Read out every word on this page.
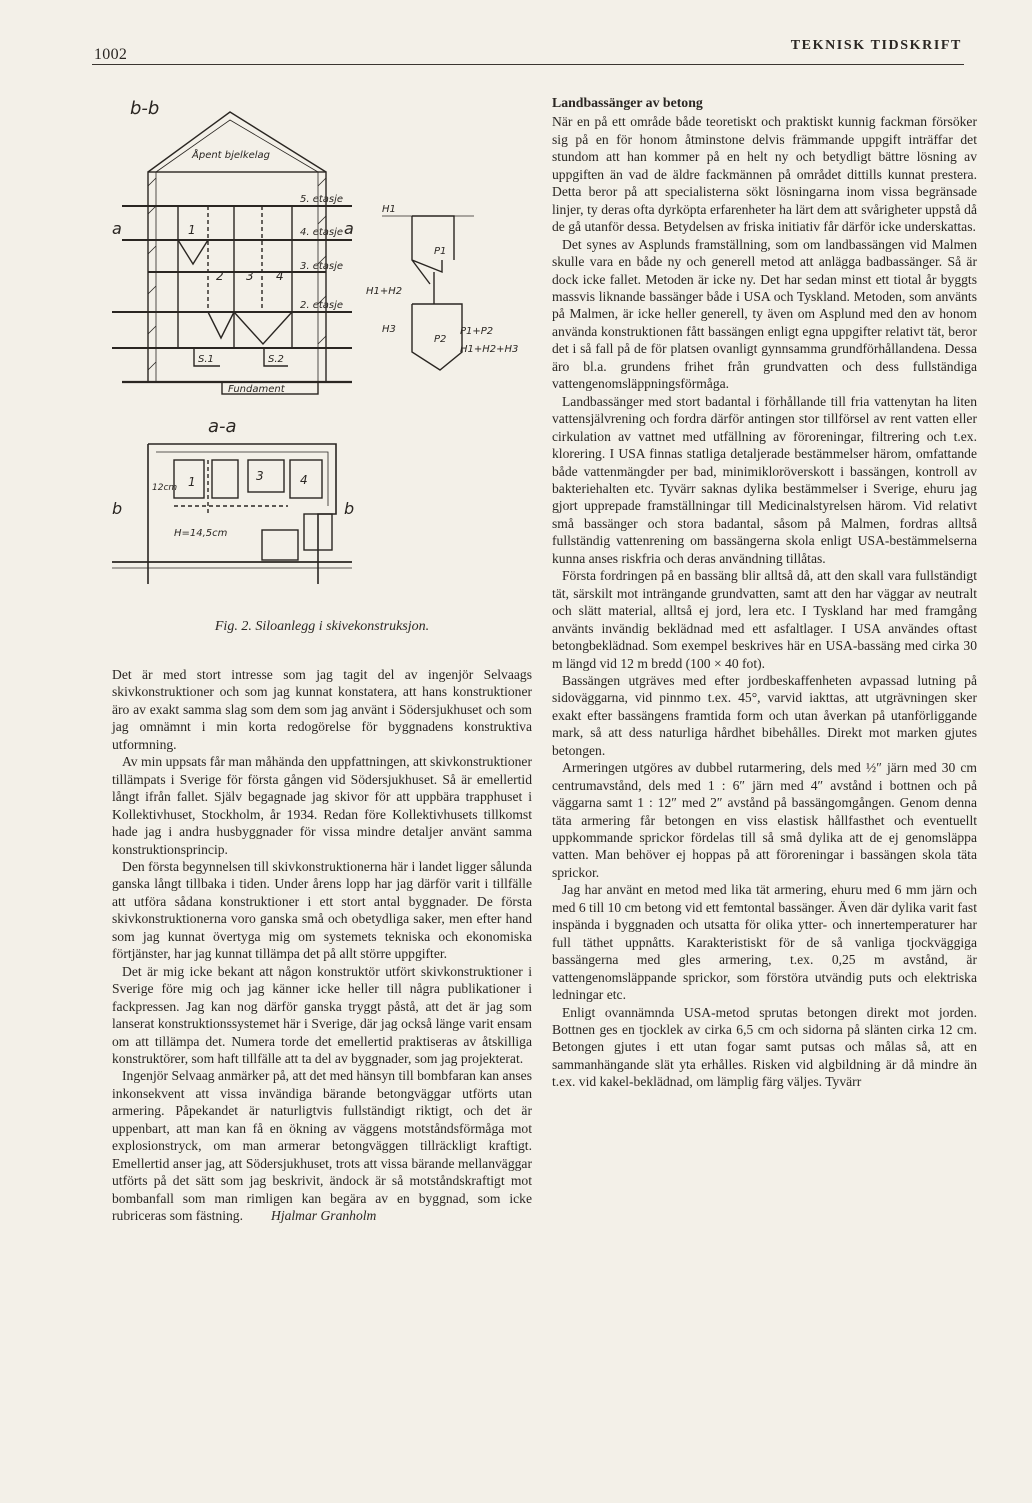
1002
TEKNISK TIDSKRIFT
b-b
Åpent bjelkelag
5. etasje
4. etasje
3. etasje
2. etasje
Fundament
a	a
1
2 3 4
S.1	S.2
H1
P1
H1+H2
H3
P2
P1+P2
H1+H2+H3
a-a
b	b
1	3	4
12cm
H=14,5cm
Fig. 2. Siloanlegg i skivekonstruksjon.

Det är med stort intresse som jag tagit del av ingenjör Selvaags skivkonstruktioner och som jag kunnat konstatera, att hans konstruktioner äro av exakt samma slag som dem som jag använt i Södersjukhuset och som jag omnämnt i min korta redogörelse för byggnadens konstruktiva utformning.

Av min uppsats får man måhända den uppfattningen, att skivkonstruktioner tillämpats i Sverige för första gången vid Södersjukhuset. Så är emellertid långt ifrån fallet. Själv begagnade jag skivor för att uppbära trapphuset i Kollektivhuset, Stockholm, år 1934. Redan före Kollektivhusets tillkomst hade jag i andra husbyggnader för vissa mindre detaljer använt samma konstruktionsprincip.

Den första begynnelsen till skivkonstruktionerna här i landet ligger sålunda ganska långt tillbaka i tiden. Under årens lopp har jag därför varit i tillfälle att utföra sådana konstruktioner i ett stort antal byggnader. De första skivkonstruktionerna voro ganska små och obetydliga saker, men efter hand som jag kunnat övertyga mig om systemets tekniska och ekonomiska förtjänster, har jag kunnat tillämpa det på allt större uppgifter.

Det är mig icke bekant att någon konstruktör utfört skivkonstruktioner i Sverige före mig och jag känner icke heller till några publikationer i fackpressen. Jag kan nog därför ganska tryggt påstå, att det är jag som lanserat konstruktionssystemet här i Sverige, där jag också länge varit ensam om att tillämpa det. Numera torde det emellertid praktiseras av åtskilliga konstruktörer, som haft tillfälle att ta del av byggnader, som jag projekterat.

Ingenjör Selvaag anmärker på, att det med hänsyn till bombfaran kan anses inkonsekvent att vissa invändiga bärande betongväggar utförts utan armering. Påpekandet är naturligtvis fullständigt riktigt, och det är uppenbart, att man kan få en ökning av väggens motståndsförmåga mot explosionstryck, om man armerar betongväggen tillräckligt kraftigt. Emellertid anser jag, att Södersjukhuset, trots att vissa bärande mellanväggar utförts på det sätt som jag beskrivit, ändock är så motståndskraftigt mot bombanfall som man rimligen kan begära av en byggnad, som icke rubriceras som fästning. Hjalmar Granholm

Landbassänger av betong

När en på ett område både teoretiskt och praktiskt kunnig fackman försöker sig på en för honom åtminstone delvis främmande uppgift inträffar det stundom att han kommer på en helt ny och betydligt bättre lösning av uppgiften än vad de äldre fackmännen på området dittills kunnat prestera. Detta beror på att specialisterna sökt lösningarna inom vissa begränsade linjer, ty deras ofta dyrköpta erfarenheter ha lärt dem att svårigheter uppstå då de gå utanför dessa. Betydelsen av friska initiativ får därför icke underskattas.

Det synes av Asplunds framställning, som om landbassängen vid Malmen skulle vara en både ny och generell metod att anlägga badbassänger. Så är dock icke fallet. Metoden är icke ny. Det har sedan minst ett tiotal år byggts massvis liknande bassänger både i USA och Tyskland. Metoden, som använts på Malmen, är icke heller generell, ty även om Asplund med den av honom använda konstruktionen fått bassängen enligt egna uppgifter relativt tät, beror det i så fall på de för platsen ovanligt gynnsamma grundförhållandena. Dessa äro bl.a. grundens frihet från grundvatten och dess fullständiga vattengenomsläppningsförmåga.

Landbassänger med stort badantal i förhållande till fria vattenytan ha liten vattensjälvrening och fordra därför antingen stor tillförsel av rent vatten eller cirkulation av vattnet med utfällning av föroreningar, filtrering och t.ex. klorering. I USA finnas statliga detaljerade bestämmelser härom, omfattande både vattenmängder per bad, minimikloröverskott i bassängen, kontroll av bakteriehalten etc. Tyvärr saknas dylika bestämmelser i Sverige, ehuru jag gjort upprepade framställningar till Medicinalstyrelsen härom. Vid relativt små bassänger och stora badantal, såsom på Malmen, fordras alltså fullständig vattenrening om bassängerna skola enligt USA-bestämmelserna kunna anses riskfria och deras användning tillåtas.

Första fordringen på en bassäng blir alltså då, att den skall vara fullständigt tät, särskilt mot inträngande grundvatten, samt att den har väggar av neutralt och slätt material, alltså ej jord, lera etc. I Tyskland har med framgång använts invändig beklädnad med ett asfaltlager. I USA användes oftast betongbeklädnad. Som exempel beskrives här en USA-bassäng med cirka 30 m längd vid 12 m bredd (100 × 40 fot).

Bassängen utgräves med efter jordbeskaffenheten avpassad lutning på sidoväggarna, vid pinnmo t.ex. 45°, varvid iakttas, att utgrävningen sker exakt efter bassängens framtida form och utan åverkan på utanförliggande mark, så att dess naturliga hårdhet bibehålles. Direkt mot marken gjutes betongen.

Armeringen utgöres av dubbel rutarmering, dels med ½″ järn med 30 cm centrumavstånd, dels med 1 : 6″ järn med 4″ avstånd i bottnen och på väggarna samt 1 : 12″ med 2″ avstånd på bassängomgången. Genom denna täta armering får betongen en viss elastisk hållfasthet och eventuellt uppkommande sprickor fördelas till så små dylika att de ej genomsläppa vatten. Man behöver ej hoppas på att föroreningar i bassängen skola täta sprickor.

Jag har använt en metod med lika tät armering, ehuru med 6 mm järn och med 6 till 10 cm betong vid ett femtontal bassänger. Även där dylika varit fast inspända i byggnaden och utsatta för olika ytter- och innertemperaturer har full täthet uppnåtts. Karakteristiskt för de så vanliga tjockväggiga bassängerna med gles armering, t.ex. 0,25 m avstånd, är vattengenomsläppande sprickor, som förstöra utvändig puts och elektriska ledningar etc.

Enligt ovannämnda USA-metod sprutas betongen direkt mot jorden. Bottnen ges en tjocklek av cirka 6,5 cm och sidorna på slänten cirka 12 cm. Betongen gjutes i ett utan fogar samt putsas och målas så, att en sammanhängande slät yta erhålles. Risken vid algbildning är då mindre än t.ex. vid kakel-beklädnad, om lämplig färg väljes. Tyvärr
